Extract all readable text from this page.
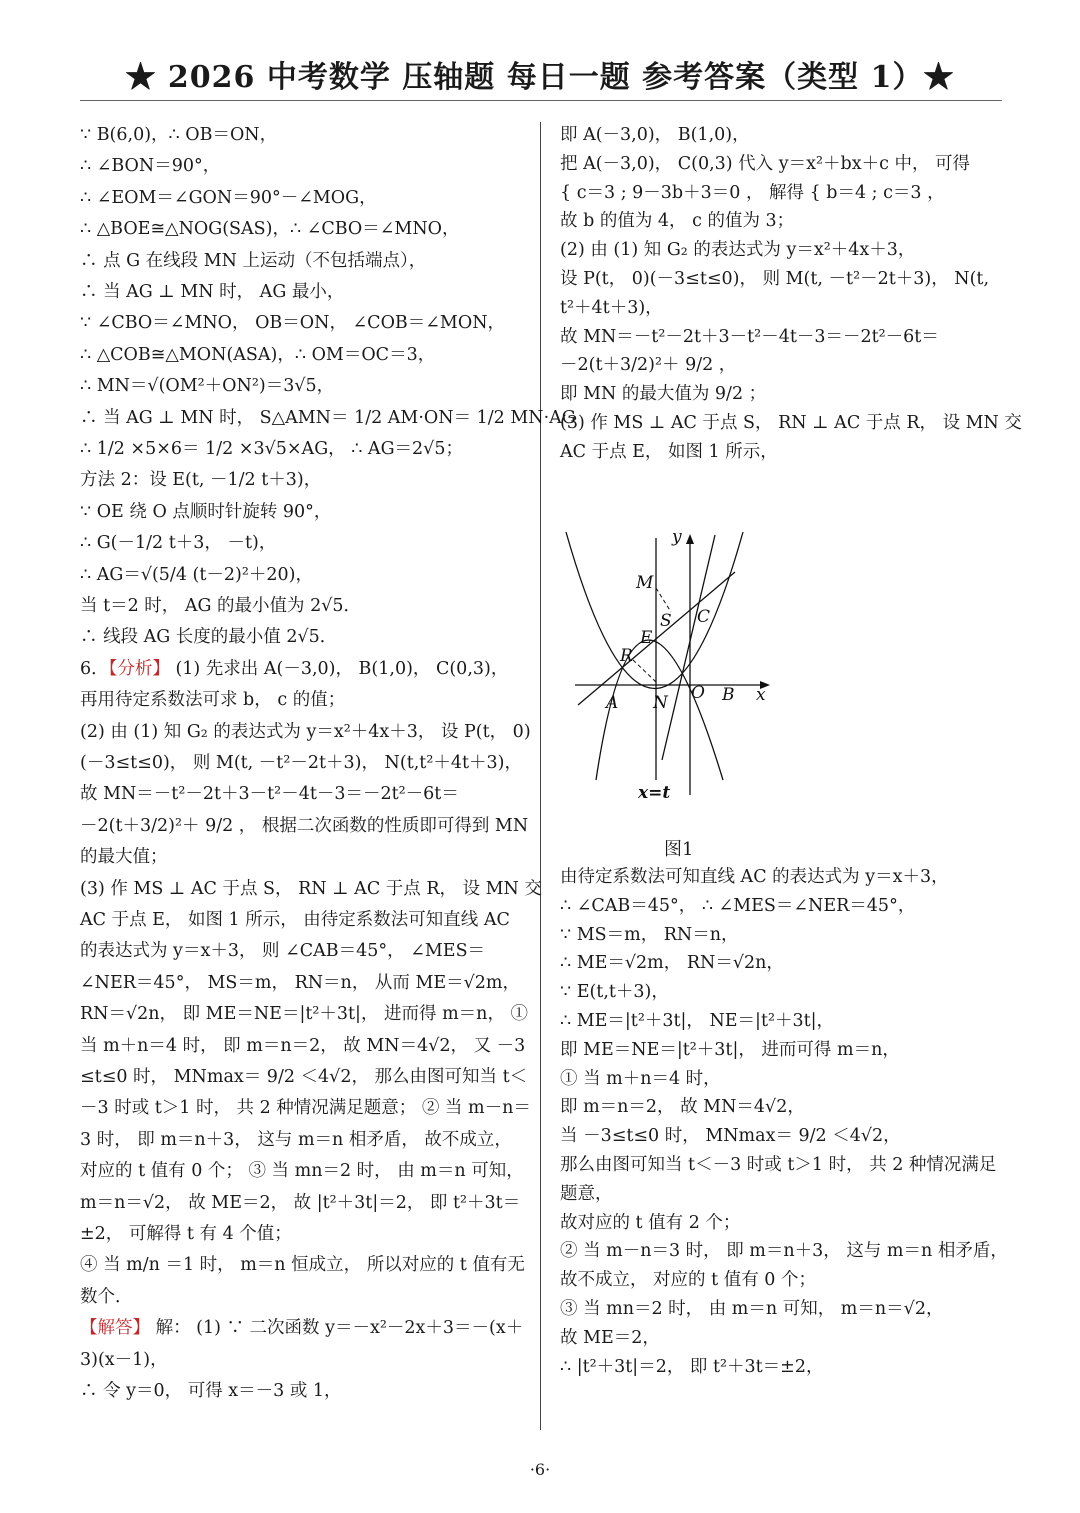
★ 2026 中考数学 压轴题 每日一题 参考答案（类型 1）★
∵ B(6,0)，∴ OB＝ON，
∴ ∠BON＝90°，
∴ ∠EOM＝∠GON＝90°－∠MOG，
∴ △BOE≅△NOG(SAS)，∴ ∠CBO＝∠MNO，
∴ 点 G 在线段 MN 上运动（不包括端点），
∴ 当 AG ⊥ MN 时， AG 最小，
∵ ∠CBO＝∠MNO， OB＝ON， ∠COB＝∠MON，
∴ △COB≅△MON(ASA)，∴ OM＝OC＝3，
∴ MN＝√(OM²＋ON²)＝3√5，
∴ 当 AG ⊥ MN 时， S△AMN＝ 1/2 AM·ON＝ 1/2 MN·AG
∴ 1/2 ×5×6＝ 1/2 ×3√5×AG， ∴ AG＝2√5；
方法 2：设 E(t, －1/2 t＋3)，
∵ OE 绕 O 点顺时针旋转 90°，
∴ G(－1/2 t＋3， －t)，
∴ AG＝√(5/4 (t－2)²＋20)，
当 t＝2 时， AG 的最小值为 2√5．
∴ 线段 AG 长度的最小值 2√5．
6．【分析】 (1) 先求出 A(－3,0)， B(1,0)， C(0,3)，
再用待定系数法可求 b， c 的值；
(2) 由 (1) 知 G₂ 的表达式为 y＝x²＋4x＋3， 设 P(t， 0)
(－3≤t≤0)， 则 M(t, －t²－2t＋3)， N(t,t²＋4t＋3)，
故 MN＝－t²－2t＋3－t²－4t－3＝－2t²－6t＝
－2(t＋3/2)²＋ 9/2 ， 根据二次函数的性质即可得到 MN
的最大值；
(3) 作 MS ⊥ AC 于点 S， RN ⊥ AC 于点 R， 设 MN 交
AC 于点 E， 如图 1 所示， 由待定系数法可知直线 AC
的表达式为 y＝x＋3， 则 ∠CAB＝45°， ∠MES＝
∠NER＝45°， MS＝m， RN＝n， 从而 ME＝√2m，
RN＝√2n， 即 ME＝NE＝|t²＋3t|， 进而得 m＝n， ①
当 m＋n＝4 时， 即 m＝n＝2， 故 MN＝4√2， 又 －3
≤t≤0 时， MNmax＝ 9/2 ＜4√2， 那么由图可知当 t＜
－3 时或 t＞1 时， 共 2 种情况满足题意； ② 当 m－n＝
3 时， 即 m＝n＋3， 这与 m＝n 相矛盾， 故不成立，
对应的 t 值有 0 个； ③ 当 mn＝2 时， 由 m＝n 可知，
m＝n＝√2， 故 ME＝2， 故 |t²＋3t|＝2， 即 t²＋3t＝
±2， 可解得 t 有 4 个值；
④ 当 m/n ＝1 时， m＝n 恒成立， 所以对应的 t 值有无
数个．
【解答】 解： (1) ∵ 二次函数 y＝－x²－2x＋3＝－(x＋
3)(x－1)，
∴ 令 y＝0， 可得 x＝－3 或 1，
即 A(－3,0)， B(1,0)，
把 A(－3,0)， C(0,3) 代入 y＝x²＋bx＋c 中， 可得
{ c＝3 ; 9－3b＋3＝0 ， 解得 { b＝4 ; c＝3 ，
故 b 的值为 4， c 的值为 3；
(2) 由 (1) 知 G₂ 的表达式为 y＝x²＋4x＋3，
设 P(t， 0)(－3≤t≤0)， 则 M(t, －t²－2t＋3)， N(t,
t²＋4t＋3)，
故 MN＝－t²－2t＋3－t²－4t－3＝－2t²－6t＝
－2(t＋3/2)²＋ 9/2 ，
即 MN 的最大值为 9/2 ；
(3) 作 MS ⊥ AC 于点 S， RN ⊥ AC 于点 R， 设 MN 交
AC 于点 E， 如图 1 所示，
y
x
M
S C
E
R
O B
A N
x=t
图1
由待定系数法可知直线 AC 的表达式为 y＝x＋3，
∴ ∠CAB＝45°， ∴ ∠MES＝∠NER＝45°，
∵ MS＝m， RN＝n，
∴ ME＝√2m， RN＝√2n，
∵ E(t,t＋3)，
∴ ME＝|t²＋3t|， NE＝|t²＋3t|，
即 ME＝NE＝|t²＋3t|， 进而可得 m＝n，
① 当 m＋n＝4 时，
即 m＝n＝2， 故 MN＝4√2，
当 －3≤t≤0 时， MNmax＝ 9/2 ＜4√2，
那么由图可知当 t＜－3 时或 t＞1 时， 共 2 种情况满足
题意，
故对应的 t 值有 2 个；
② 当 m－n＝3 时， 即 m＝n＋3， 这与 m＝n 相矛盾，
故不成立， 对应的 t 值有 0 个；
③ 当 mn＝2 时， 由 m＝n 可知， m＝n＝√2，
故 ME＝2，
∴ |t²＋3t|＝2， 即 t²＋3t＝±2，
·6·
